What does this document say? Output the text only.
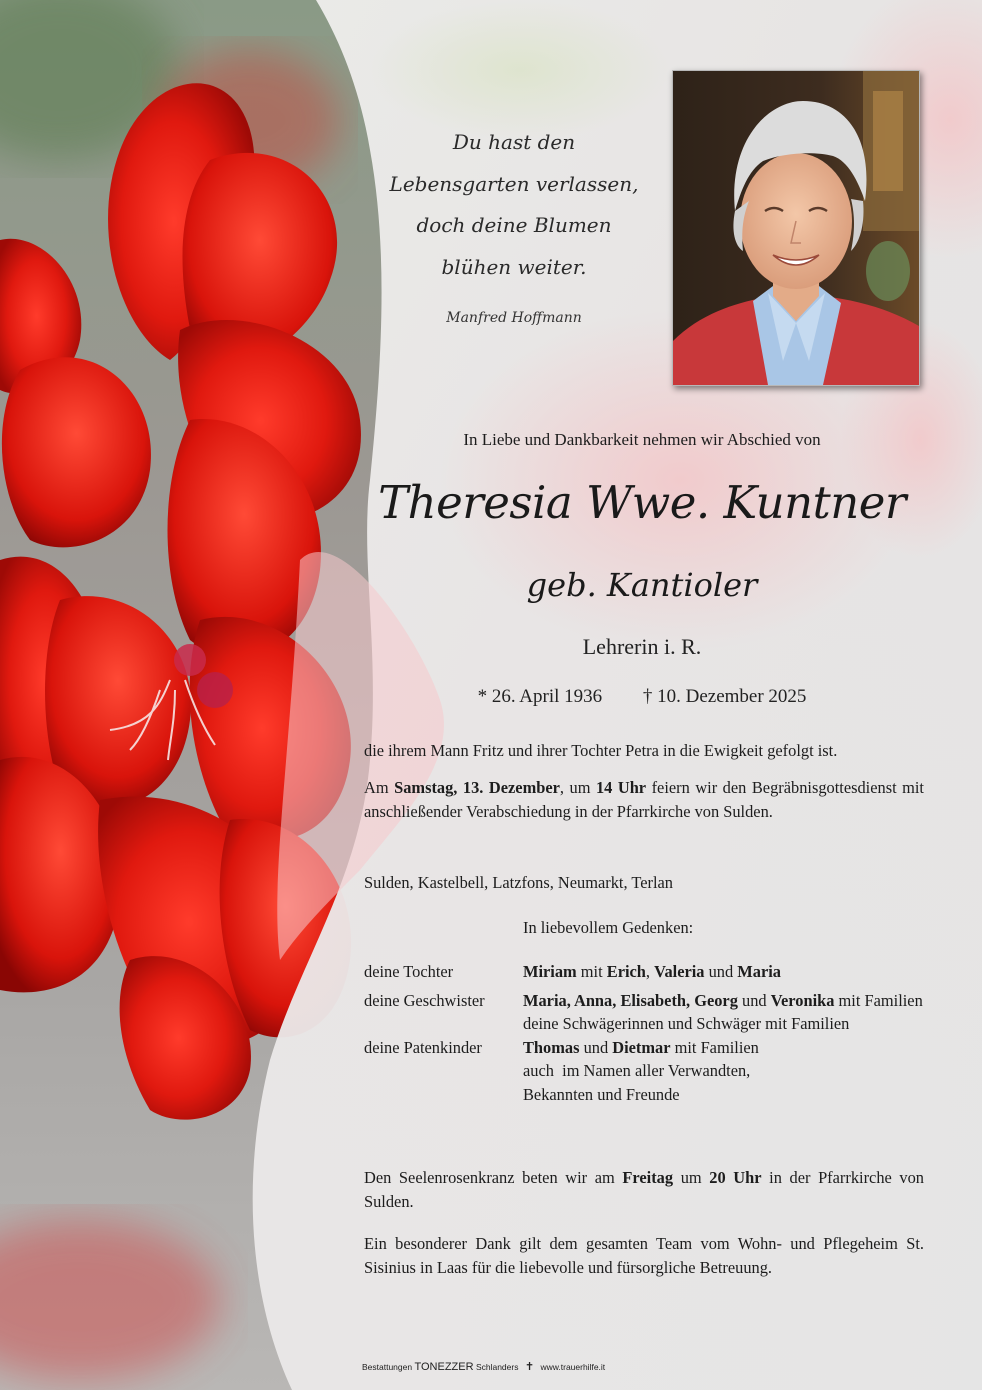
Du hast den
Lebensgarten verlassen,
doch deine Blumen
blühen weiter.
Manfred Hoffmann
In Liebe und Dankbarkeit nehmen wir Abschied von
Theresia Wwe. Kuntner
geb. Kantioler
Lehrerin i. R.
* 26. April 1936 † 10. Dezember 2025
die ihrem Mann Fritz und ihrer Tochter Petra in die Ewigkeit gefolgt ist.
Am Samstag, 13. Dezember, um 14 Uhr feiern wir den Begräbnisgottesdienst mit anschließender Verabschiedung in der Pfarrkirche von Sulden.
Sulden, Kastelbell, Latzfons, Neumarkt, Terlan
In liebevollem Gedenken:
deine Tochter	Miriam mit Erich, Valeria und Maria
deine Geschwister	Maria, Anna, Elisabeth, Georg und Veronika mit Familien
deine Schwägerinnen und Schwäger mit Familien
deine Patenkinder	Thomas und Dietmar mit Familien
auch  im Namen aller Verwandten,
Bekannten und Freunde
Den Seelenrosenkranz beten wir am Freitag um 20 Uhr in der Pfarrkirche von Sulden.
Ein besonderer Dank gilt dem gesamten Team vom Wohn- und Pflegeheim St. Sisinius in Laas für die liebevolle und fürsorgliche Betreuung.
Bestattungen TONEZZER Schlanders ✝ www.trauerhilfe.it
